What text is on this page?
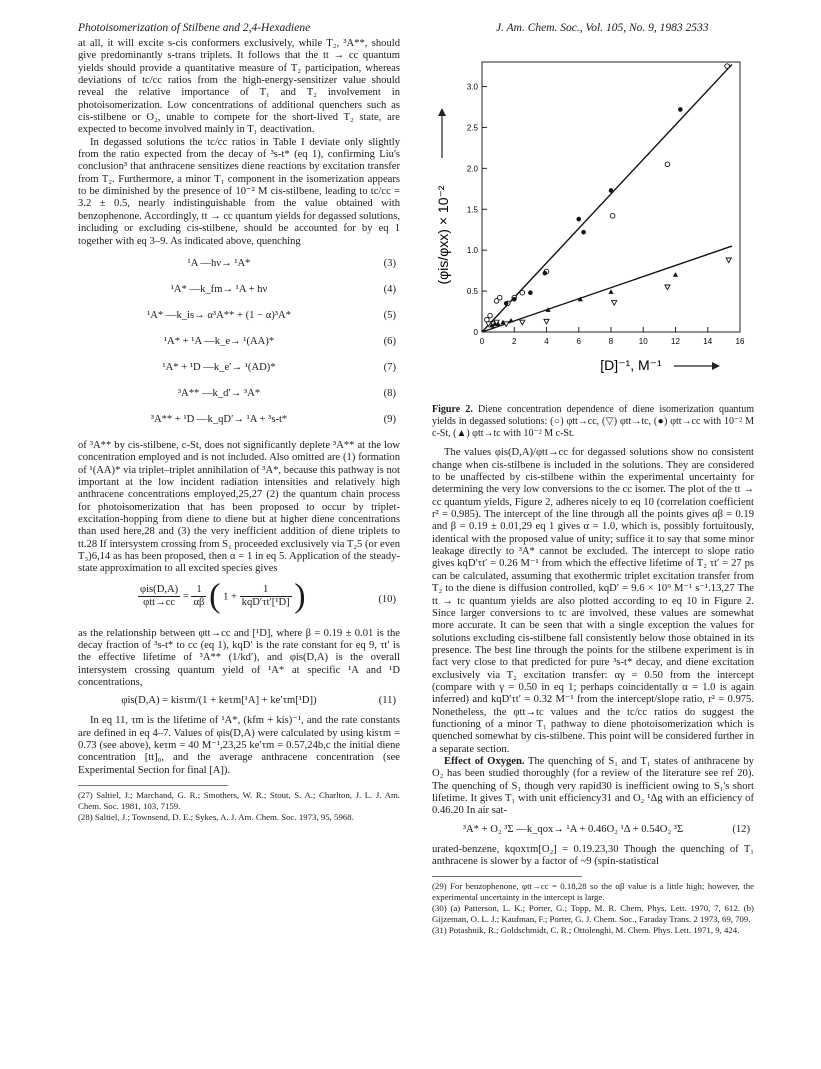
Photoisomerization of Stilbene and 2,4-Hexadiene	J. Am. Chem. Soc., Vol. 105, No. 9, 1983 2533

at all, it will excite s-cis conformers exclusively, while T₂, ³A**, should give predominantly s-trans triplets. It follows that the tt → cc quantum yields should provide a quantitative measure of T₂ participation, whereas deviations of tc/cc ratios from the high-energy-sensitizer value should reveal the relative importance of T₁ and T₂ involvement in photoisomerization. Low concentrations of additional quenchers such as cis-stilbene or O₂, unable to compete for the short-lived T₂ state, are expected to become involved mainly in T₁ deactivation.

In degassed solutions the tc/cc ratios in Table I deviate only slightly from the ratio expected from the decay of ³s-t* (eq 1), confirming Liu's conclusion³ that anthracene sensitizes diene reactions by excitation transfer from T₂. Furthermore, a minor T₁ component in the isomerization appears to be diminished by the presence of 10⁻² M cis-stilbene, leading to tc/cc = 3.2 ± 0.5, nearly indistinguishable from the value obtained with benzophenone. Accordingly, tt → cc quantum yields for degassed solutions, including or excluding cis-stilbene, should be accounted for by eq 1 together with eq 3–9. As indicated above, quenching

¹A —hν→ ¹A*	(3)
¹A* —k_fm→ ¹A + hν	(4)
¹A* —k_is→ α³A** + (1 − α)³A*	(5)
¹A* + ¹A —k_e→ ¹(AA)*	(6)
¹A* + ¹D —k_e′→ ¹(AD)*	(7)
³A** —k_d′→ ³A*	(8)
³A** + ¹D —k_qD′→ ¹A + ³s-t*	(9)

of ³A** by cis-stilbene, c-St, does not significantly deplete ³A** at the low concentration employed and is not included. Also omitted are (1) formation of ¹(AA)* via triplet–triplet annihilation of ³A*, because this pathway is not important at the low incident radiation intensities and relatively high anthracene concentrations employed,25,27 (2) the quantum chain process for photoisomerization that has been proposed to occur by triplet-excitation-hopping from diene to diene but at higher diene concentrations than used here,28 and (3) the very inefficient addition of diene triplets to tt.28 If intersystem crossing from S₁ proceeded exclusively via T₂5 (or even T₃)6,14 as has been proposed, then α = 1 in eq 5. Application of the steady-state approximation to all excited species gives

$\frac{\text{φis(D,A)}}{\text{φtt→cc}} = \frac{1}{\alpha\beta}$ ( $1 + \frac{1}{\text{kqD′τt′[¹D]}}$ )	(10)

as the relationship between φtt→cc and [¹D], where β = 0.19 ± 0.01 is the decay fraction of ³s-t* to cc (eq 1), kqD′ is the rate constant for eq 9, τt′ is the effective lifetime of ³A** (1/kd′), and φis(D,A) is the overall intersystem crossing quantum yield of ¹A* at specific ¹A and ¹D concentrations,

φis(D,A) = kisτm/(1 + keτm[¹A] + ke′τm[¹D])	(11)

In eq 11, τm is the lifetime of ¹A*, (kfm + kis)⁻¹, and the rate constants are defined in eq 4–7. Values of φis(D,A) were calculated by using kisτm = 0.73 (see above), keτm = 40 M⁻¹,23,25 ke′τm = 0.57,24b,c the initial diene concentration [tt]₀, and the average anthracene concentration (see Experimental Section for final [A]).

(27) Saltiel, J.; Marchand, G. R.; Smothers, W. R.; Stout, S. A.; Charlton, J. L. J. Am. Chem. Soc. 1981, 103, 7159.

(28) Saltiel, J.; Townsend, D. E.; Sykes, A. J. Am. Chem. Soc. 1973, 95, 5968.

0	2	4	6	8	10	12	14	16
0
0.5
1.0
1.5
2.0
2.5
3.0
[D]⁻¹, M⁻¹
(φis/φxx) × 10⁻²
Figure 2. Diene concentration dependence of diene isomerization quantum yields in degassed solutions: (○) φtt→cc, (▽) φtt→tc, (●) φtt→cc with 10⁻² M c-St, (▲) φtt→tc with 10⁻² M c-St.

The values φis(D,A)/φtt→cc for degassed solutions show no consistent change when cis-stilbene is included in the solutions. They are considered to be unaffected by cis-stilbene within the experimental uncertainty for determining the very low conversions to the cc isomer. The plot of the tt → cc quantum yields, Figure 2, adheres nicely to eq 10 (correlation coefficient r² = 0.985). The intercept of the line through all the points gives αβ = 0.19 and β = 0.19 ± 0.01,29 eq 1 gives α = 1.0, which is, possibly fortuitously, identical with the proposed value of unity; suffice it to say that some minor leakage directly to ³A* cannot be excluded. The intercept to slope ratio gives kqD′τt′ = 0.26 M⁻¹ from which the effective lifetime of T₂ τt′ = 27 ps can be calculated, assuming that exothermic triplet excitation transfer from T₂ to the diene is diffusion controlled, kqD′ = 9.6 × 10⁹ M⁻¹ s⁻¹.13,27 The tt → tc quantum yields are also plotted according to eq 10 in Figure 2. Since larger conversions to tc are involved, these values are somewhat more accurate. It can be seen that with a single exception the values for solutions excluding cis-stilbene fall consistently below those obtained in its presence. The best line through the points for the stilbene experiment is in fact very close to that predicted for pure ³s-t* decay, and diene excitation exclusively via T₂ excitation transfer: αγ = 0.50 from the intercept (compare with γ = 0.50 in eq 1; perhaps coincidentally α = 1.0 is again inferred) and kqD′τt′ = 0.32 M⁻¹ from the intercept/slope ratio, r² = 0.975. Nonetheless, the φtt→tc values and the tc/cc ratios do suggest the functioning of a minor T₁ pathway to diene photoisomerization which is quenched somewhat by cis-stilbene. This point will be considered further in a separate section.

Effect of Oxygen. The quenching of S₁ and T₁ states of anthracene by O₂ has been studied thoroughly (for a review of the literature see ref 20). The quenching of S₁ though very rapid30 is inefficient owing to S₁'s short lifetime. It gives T₁ with unit efficiency31 and O₂ ¹Δg with an efficiency of 0.46.20 In air sat-

³A* + O₂ ³Σ —k_qox→ ¹A + 0.46O₂ ¹Δ + 0.54O₂ ³Σ	(12)

urated-benzene, kqoxτm[O₂] = 0.19.23,30 Though the quenching of T₁ anthracene is slower by a factor of ~9 (spin-statistical

(29) For benzophenone, φtt→cc = 0.18,28 so the αβ value is a little high; however, the experimental uncertainty in the intercept is large.

(30) (a) Patterson, L. K.; Porter, G.; Topp, M. R. Chem. Phys. Lett. 1970, 7, 612. (b) Gijzeman, O. L. J.; Kaufman, F.; Porter, G. J. Chem. Soc., Faraday Trans. 2 1973, 69, 709.

(31) Potashnik, R.; Goldschmidt, C. R.; Ottolenghi, M. Chem. Phys. Lett. 1971, 9, 424.
